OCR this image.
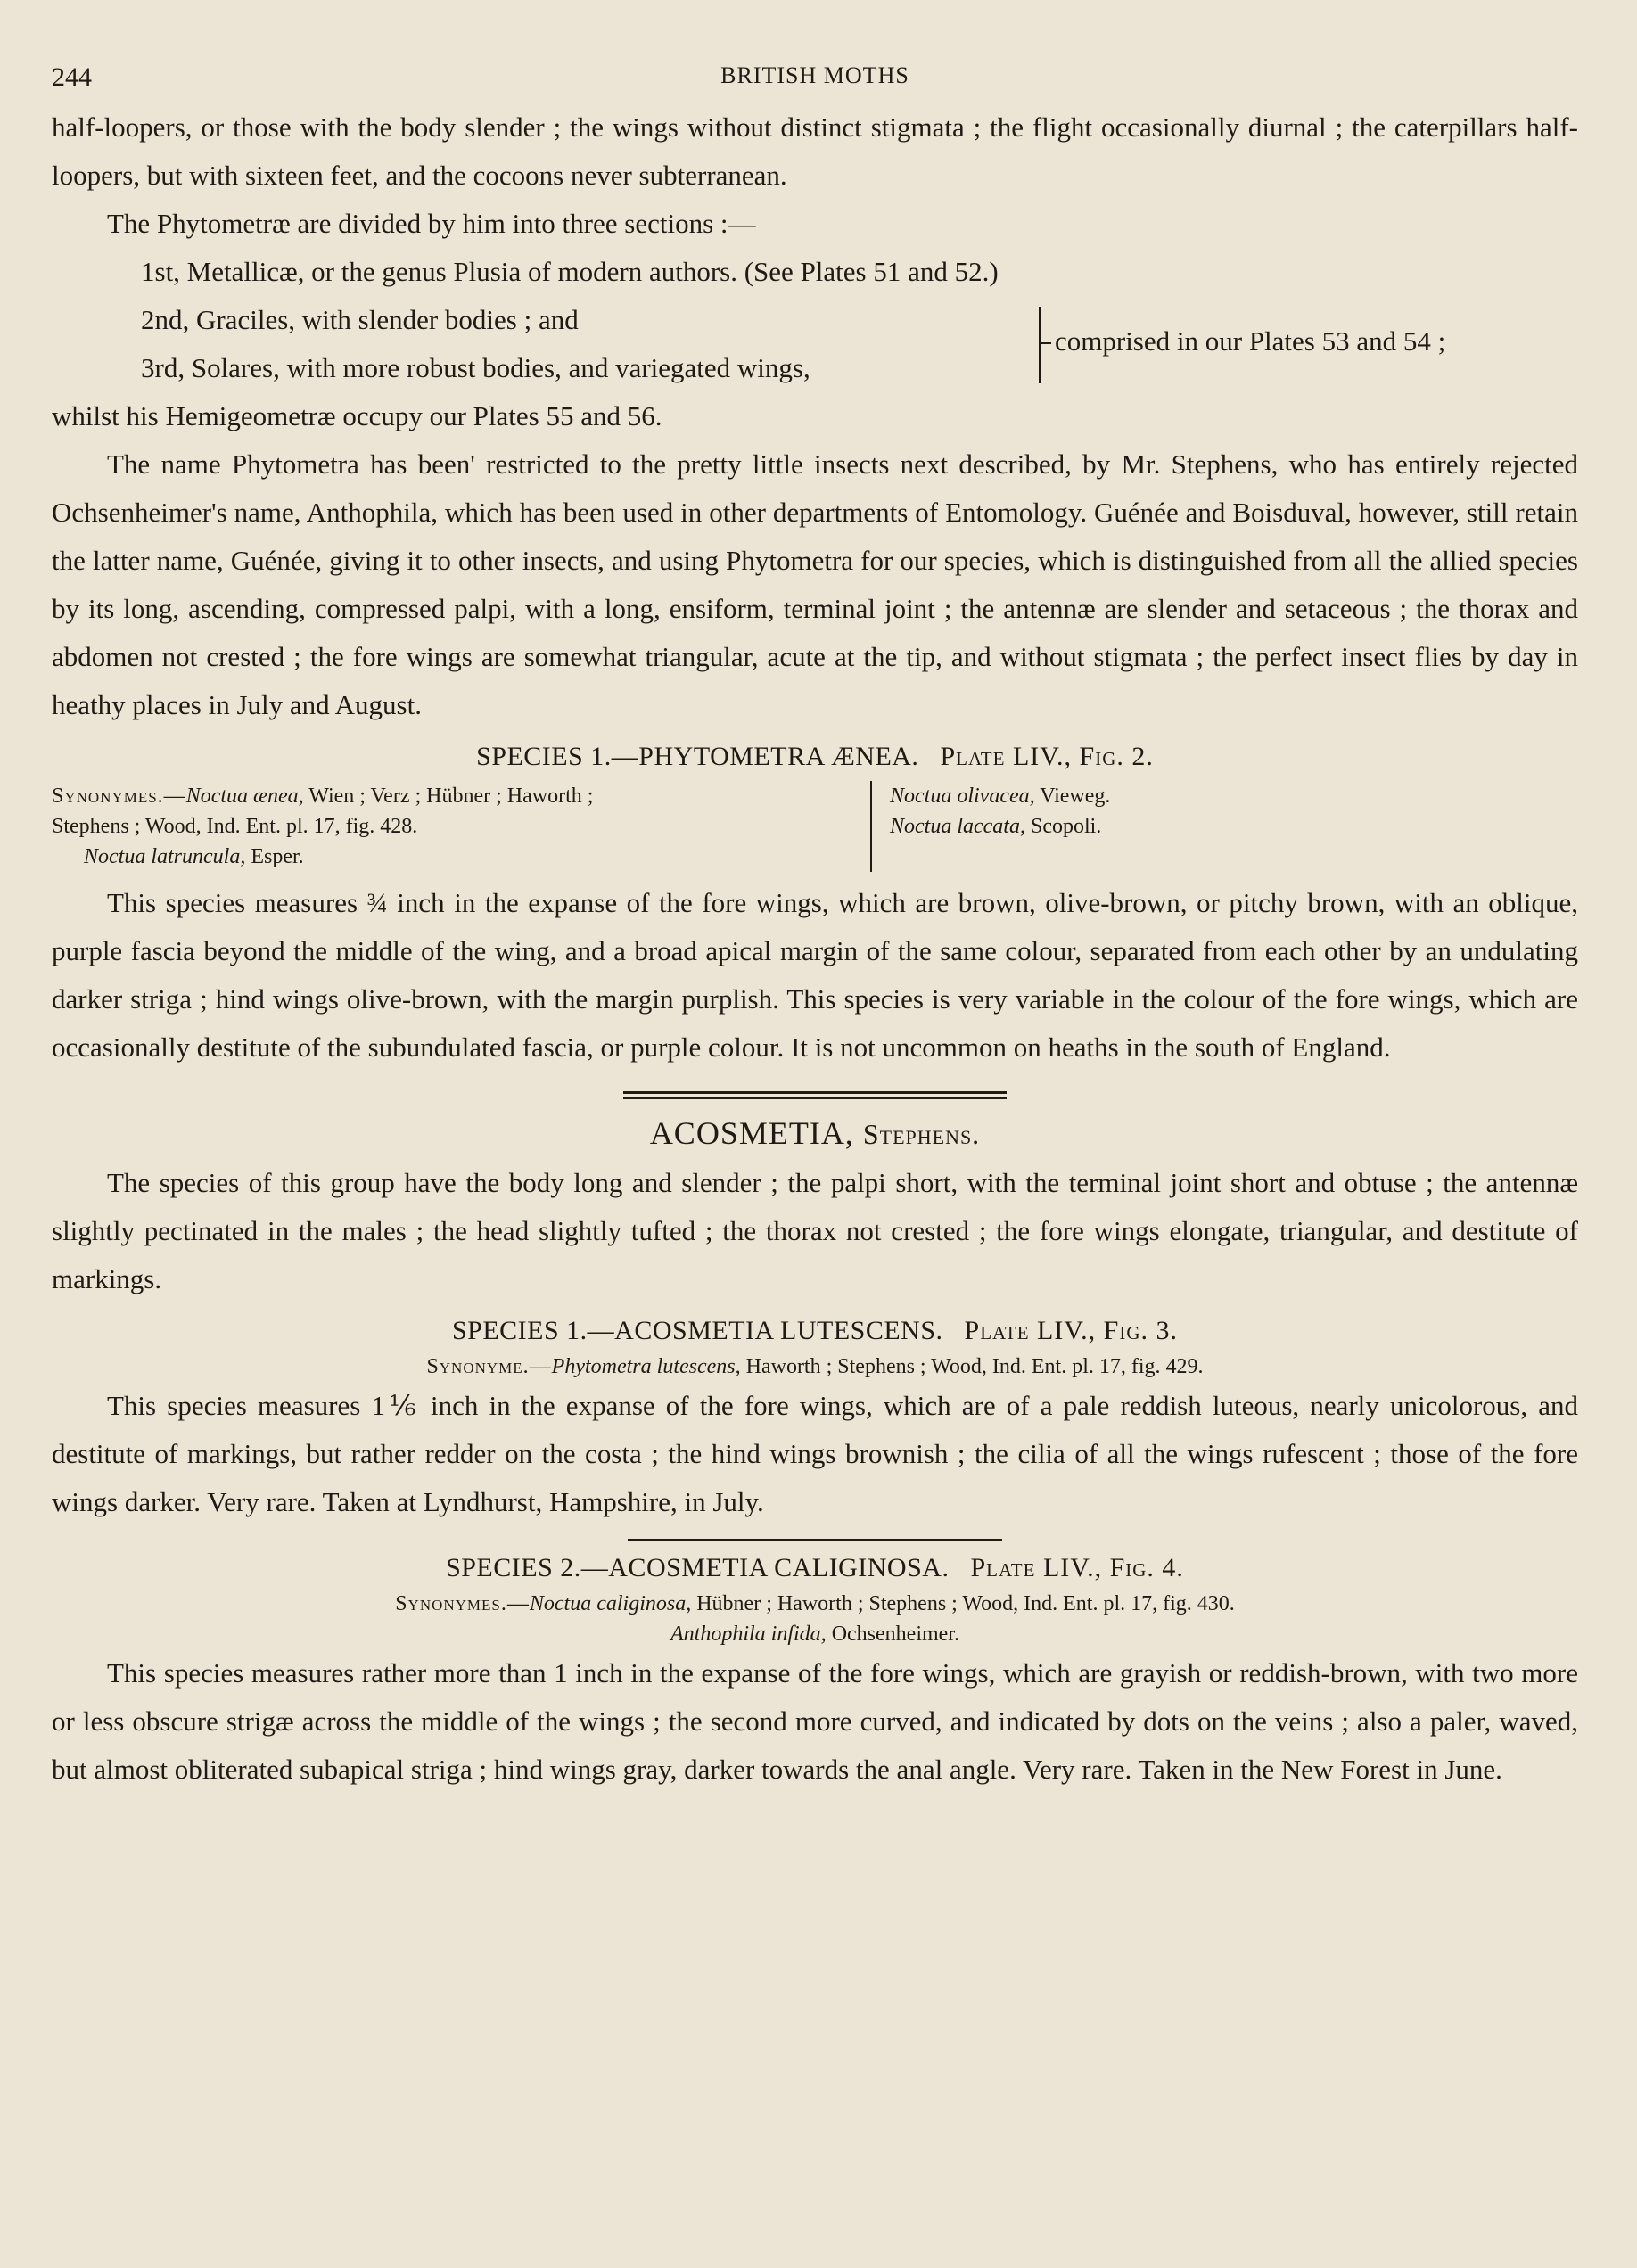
244	BRITISH MOTHS

half-loopers, or those with the body slender ; the wings without distinct stigmata ; the flight occasionally diurnal ; the caterpillars half-loopers, but with sixteen feet, and the cocoons never subterranean.

The Phytometræ are divided by him into three sections :—

1st, Metallicæ, or the genus Plusia of modern authors. (See Plates 51 and 52.)
2nd, Graciles, with slender bodies ; and
3rd, Solares, with more robust bodies, and variegated wings,
comprised in our Plates 53 and 54 ;

whilst his Hemigeometræ occupy our Plates 55 and 56.

The name Phytometra has been' restricted to the pretty little insects next described, by Mr. Stephens, who has entirely rejected Ochsenheimer's name, Anthophila, which has been used in other departments of Entomology. Guénée and Boisduval, however, still retain the latter name, Guénée, giving it to other insects, and using Phytometra for our species, which is distinguished from all the allied species by its long, ascending, compressed palpi, with a long, ensiform, terminal joint ; the antennæ are slender and setaceous ; the thorax and abdomen not crested ; the fore wings are somewhat triangular, acute at the tip, and without stigmata ; the perfect insect flies by day in heathy places in July and August.

SPECIES 1.—PHYTOMETRA ÆNEA. Plate LIV., Fig. 2.
Synonymes.—Noctua ænea, Wien ; Verz ; Hübner ; Haworth ;
Stephens ; Wood, Ind. Ent. pl. 17, fig. 428.
Noctua latruncula, Esper.
Noctua olivacea, Vieweg.
Noctua laccata, Scopoli.

This species measures ¾ inch in the expanse of the fore wings, which are brown, olive-brown, or pitchy brown, with an oblique, purple fascia beyond the middle of the wing, and a broad apical margin of the same colour, separated from each other by an undulating darker striga ; hind wings olive-brown, with the margin purplish. This species is very variable in the colour of the fore wings, which are occasionally destitute of the subundulated fascia, or purple colour. It is not uncommon on heaths in the south of England.

ACOSMETIA, Stephens.

The species of this group have the body long and slender ; the palpi short, with the terminal joint short and obtuse ; the antennæ slightly pectinated in the males ; the head slightly tufted ; the thorax not crested ; the fore wings elongate, triangular, and destitute of markings.

SPECIES 1.—ACOSMETIA LUTESCENS. Plate LIV., Fig. 3.
Synonyme.—Phytometra lutescens, Haworth ; Stephens ; Wood, Ind. Ent. pl. 17, fig. 429.

This species measures 1⅙ inch in the expanse of the fore wings, which are of a pale reddish luteous, nearly unicolorous, and destitute of markings, but rather redder on the costa ; the hind wings brownish ; the cilia of all the wings rufescent ; those of the fore wings darker. Very rare. Taken at Lyndhurst, Hampshire, in July.

SPECIES 2.—ACOSMETIA CALIGINOSA. Plate LIV., Fig. 4.
Synonymes.—Noctua caliginosa, Hübner ; Haworth ; Stephens ; Wood, Ind. Ent. pl. 17, fig. 430.
Anthophila infida, Ochsenheimer.

This species measures rather more than 1 inch in the expanse of the fore wings, which are grayish or reddish-brown, with two more or less obscure strigæ across the middle of the wings ; the second more curved, and indicated by dots on the veins ; also a paler, waved, but almost obliterated subapical striga ; hind wings gray, darker towards the anal angle. Very rare. Taken in the New Forest in June.
